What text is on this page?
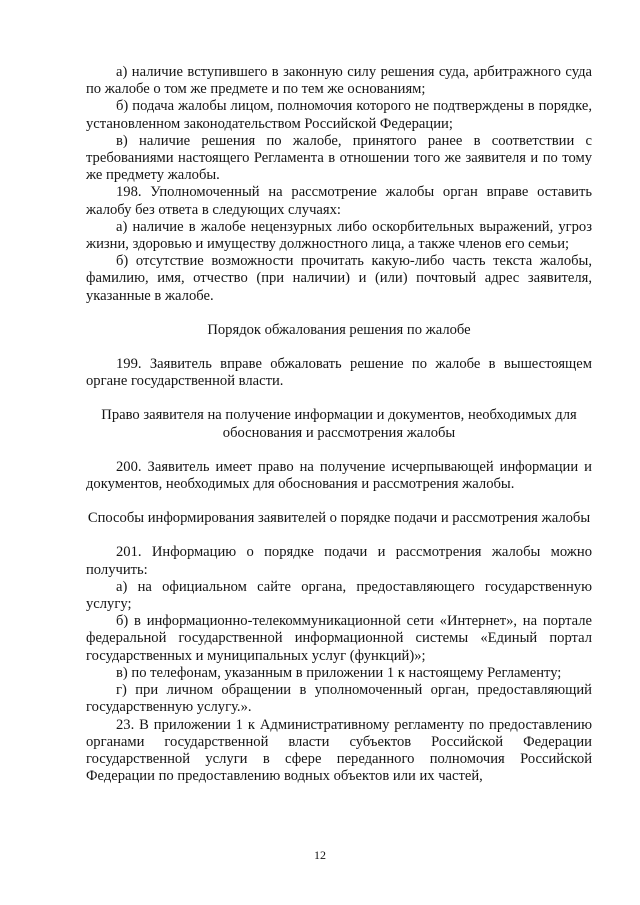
а) наличие вступившего в законную силу решения суда, арбитражного суда по жалобе о том же предмете и по тем же основаниям;

б) подача жалобы лицом, полномочия которого не подтверждены в порядке, установленном законодательством Российской Федерации;

в) наличие решения по жалобе, принятого ранее в соответствии с требованиями настоящего Регламента в отношении того же заявителя и по тому же предмету жалобы.

198. Уполномоченный на рассмотрение жалобы орган вправе оставить жалобу без ответа в следующих случаях:

а) наличие в жалобе нецензурных либо оскорбительных выражений, угроз жизни, здоровью и имуществу должностного лица, а также членов его семьи;

б) отсутствие возможности прочитать какую-либо часть текста жалобы, фамилию, имя, отчество (при наличии) и (или) почтовый адрес заявителя, указанные в жалобе.

Порядок обжалования решения по жалобе

199. Заявитель вправе обжаловать решение по жалобе в вышестоящем органе государственной власти.

Право заявителя на получение информации и документов, необходимых для обоснования и рассмотрения жалобы

200. Заявитель имеет право на получение исчерпывающей информации и документов, необходимых для обоснования и рассмотрения жалобы.

Способы информирования заявителей о порядке подачи и рассмотрения жалобы

201. Информацию о порядке подачи и рассмотрения жалобы можно получить:

а) на официальном сайте органа, предоставляющего государственную услугу;

б) в информационно-телекоммуникационной сети «Интернет», на портале федеральной государственной информационной системы «Единый портал государственных и муниципальных услуг (функций)»;

в) по телефонам, указанным в приложении 1 к настоящему Регламенту;

г) при личном обращении в уполномоченный орган, предоставляющий государственную услугу.».

23. В приложении 1 к Административному регламенту по предоставлению органами государственной власти субъектов Российской Федерации государственной услуги в сфере переданного полномочия Российской Федерации по предоставлению водных объектов или их частей,

12
